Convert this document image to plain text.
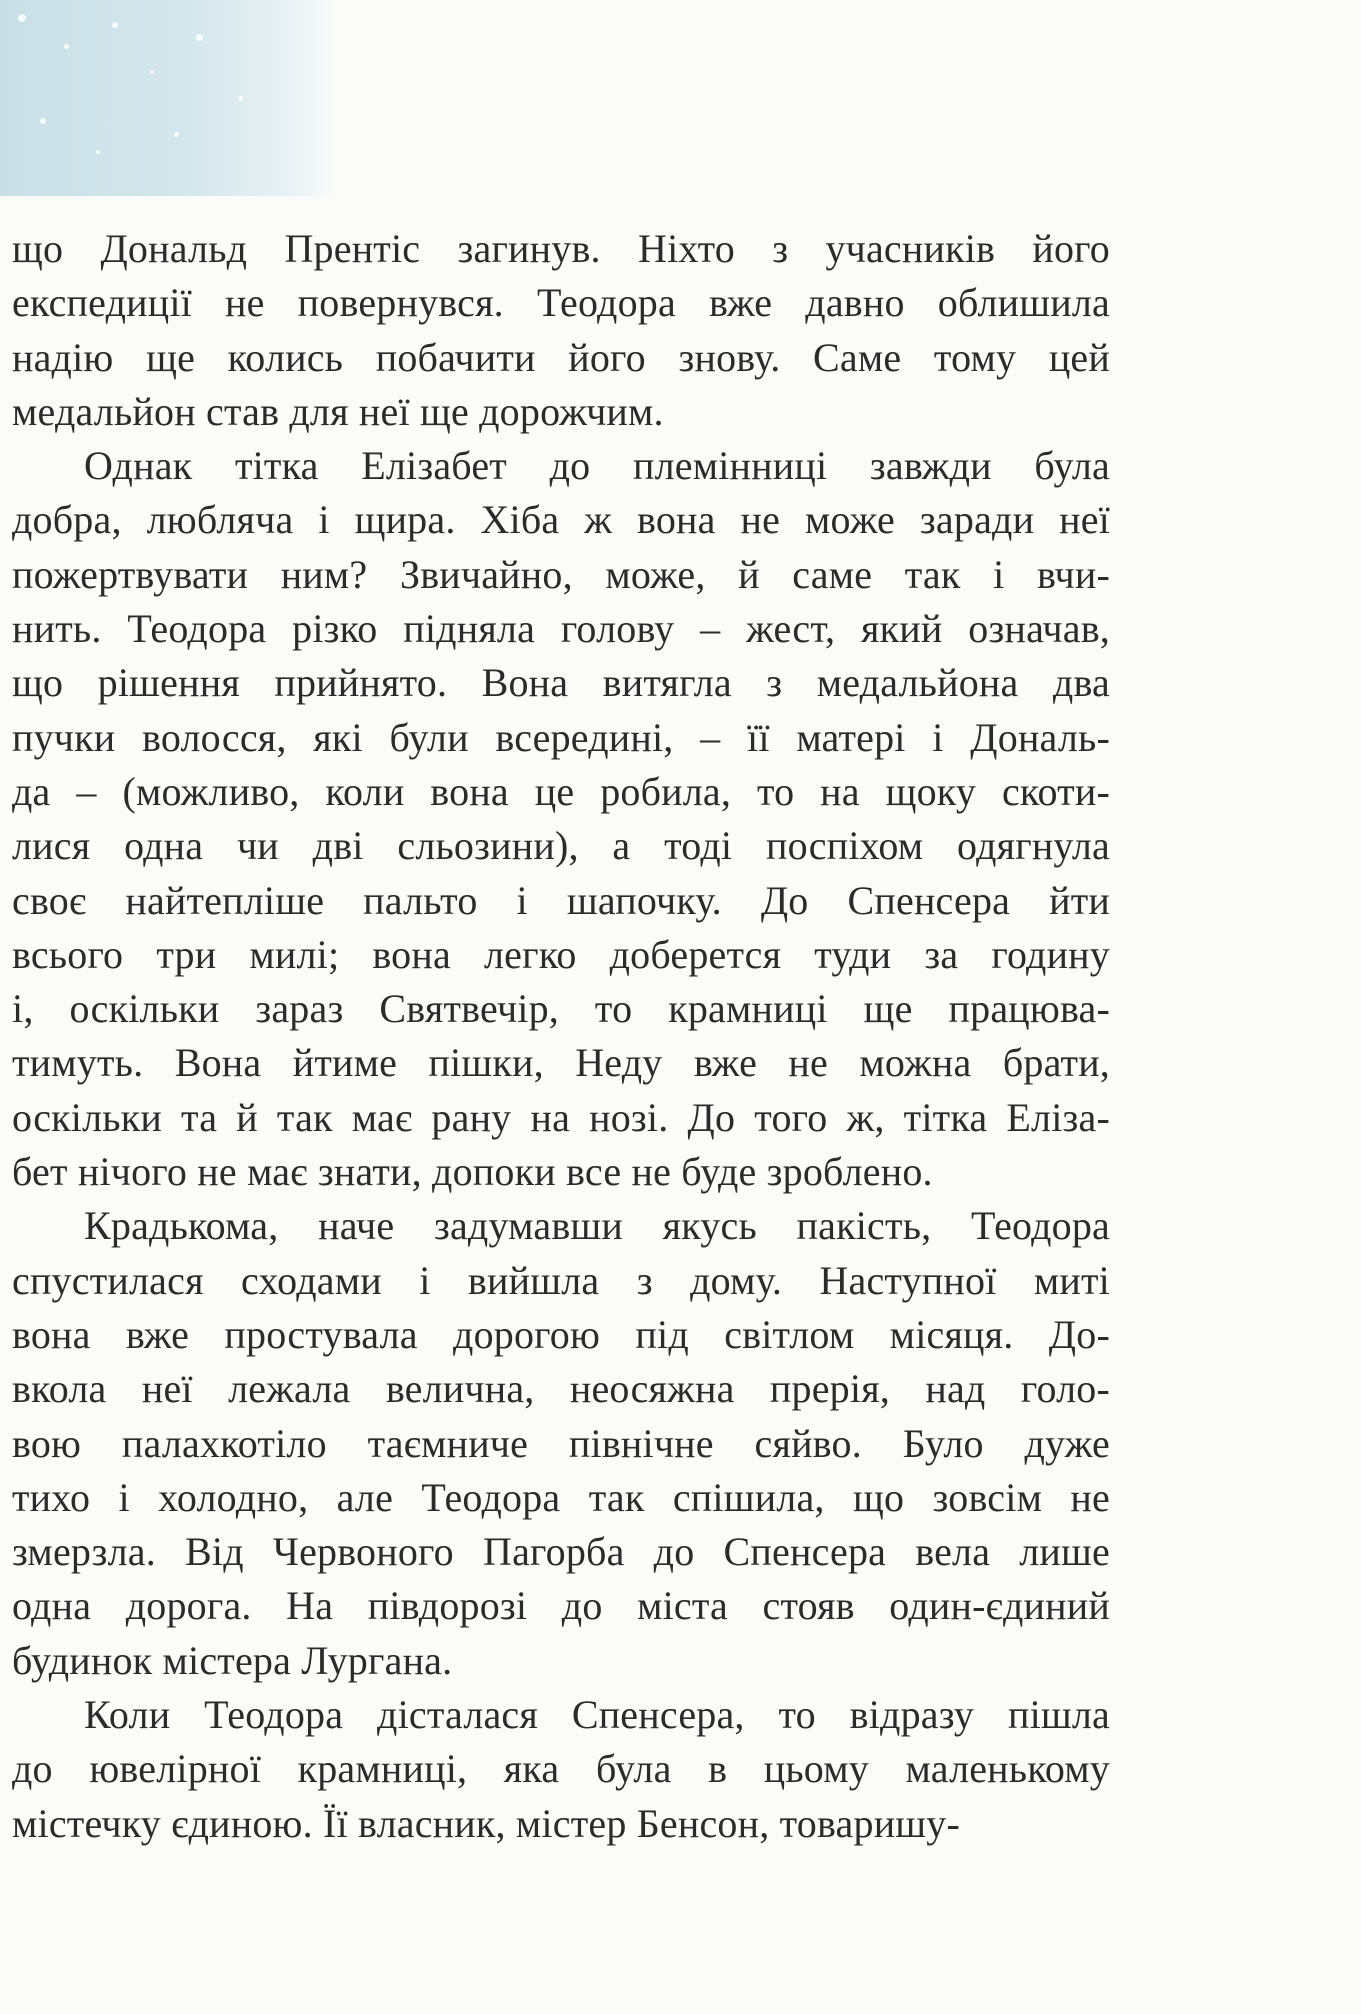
що Дональд Прентіс загинув. Ніхто з учасників його
експедиції не повернувся. Теодора вже давно облишила
надію ще колись побачити його знову. Саме тому цей
медальйон став для неї ще дорожчим.
Однак тітка Елізабет до племінниці завжди була
добра, люблячa і щира. Хіба ж вона не може заради неї
пожертвувати ним? Звичайно, може, й саме так і вчи-
нить. Теодора різко підняла голову – жест, який означав,
що рішення прийнято. Вона витягла з медальйона два
пучки волосся, які були всередині, – її матері і Дональ-
да – (можливо, коли вона це робила, то на щоку скоти-
лися одна чи дві сльозини), а тоді поспіхом одягнула
своє найтепліше пальто і шапочку. До Спенсера йти
всього три милі; вона легко доберется туди за годину
і, оскільки зараз Святвечір, то крамниці ще працюва-
тимуть. Вона йтиме пішки, Неду вже не можна брати,
оскільки та й так має рану на нозі. До того ж, тітка Еліза-
бет нічого не має знати, допоки все не буде зроблено.
Крадькома, наче задумавши якусь пакість, Теодора
спустилася сходами і вийшла з дому. Наступної миті
вона вже простувала дорогою під світлом місяця. До-
вкола неї лежала велична, неосяжна прерія, над голо-
вою палахкотіло таємниче північне сяйво. Було дуже
тихо і холодно, але Теодора так спішила, що зовсім не
змерзла. Від Червоного Пагорба до Спенсера вела лише
одна дорога. На півдорозі до міста стояв один-єдиний
будинок містера Лургана.
Коли Теодора дісталася Спенсера, то відразу пішла
до ювелірної крамниці, яка була в цьому маленькому
містечку єдиною. Її власник, містер Бенсон, товаришу-
